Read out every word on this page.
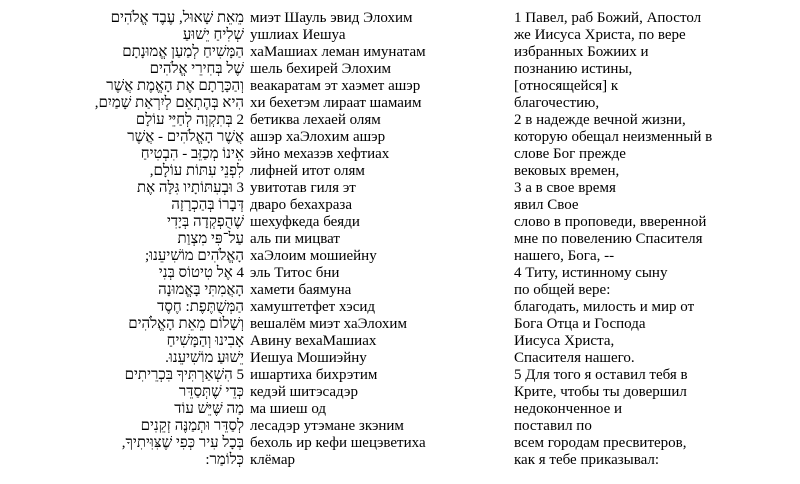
מֵאֵת שָׁאוּל, עֶבֶד אֱלֹהִים миэт Шауль эвид Элохим	1 Павел, раб Божий, Апостол
שְׁלִיחַ יֵשׁוּעַ ушлиах Иешуа	же Иисуса Христа, по вере
הַמָּשִׁיחַ לְמַעַן אֱמוּנָתָם хаМашиах леман имунатам	избранных Божиих и
שֶׁל בְּחִירֵי אֱלֹהִים шель бехирей Элохим	познанию истины,
וְהַכָּרָתָם אֶת הָאֱמֶת אֲשֶׁר веакаратам эт хаэмет ашэр	[относящейся] к
הִיא בְּהֶתְאֵם לְיִרְאַת שָׁמַיִם, хи бехетэм лираат шамаим	благочестию,
2 בְּתִקְוָה לְחַיֵּי עוֹלָם бетиква лехаей олям	2 в надежде вечной жизни,
אֲשֶׁר הָאֱלֹהִים - אֲשֶׁר ашэр хаЭлохим ашэр	которую обещал неизменный в
אֵינוֹ מְכַזֵּב - הִבְטִיחַ эйно мехазэв хефтиах	слове Бог прежде
לִפְנֵי עִתּוֹת עוֹלָם, лифней итот олям	вековых времен,
3 וּבְעִתּוֹתָיו גִּלָּה אֶת увитотав гиля эт	3 а в свое время
דְּבָרוֹ בְּהַכְרָזָה дваро бехахраза	явил Свое
שֶׁהֻפְקְדָה בְּיָדִי шехуфкеда беяди	слово в проповеди, вверенной
עַל־פִּי מִצְוַת аль пи мицват	мне по повелению Спасителя
הָאֱלֹהִים מוֹשִׁיעֵנוּ; хаЭлоим мошиейну	нашего, Бога, --
4 אֶל טִיטוֹס בְּנִי эль Титос бни	4 Титу, истинному сыну
הָאֲמִתִּי בָּאֱמוּנָה хамети баямуна	по общей вере:
הַמְּשֻׁתֶּפֶת: חֶסֶד хамуштетфет хэсид	благодать, милость и мир от
וְשָׁלוֹם מֵאֵת הָאֱלֹהִים вешалём миэт хаЭлохим	Бога Отца и Господа
אָבִינוּ וְהַמָּשִׁיחַ Авину вехаМашиах	Иисуса Христа,
יֵשׁוּעַ מוֹשִׁיעֵנוּ. Иешуа Мошиэйну	Спасителя нашего.
5 הִשְׁאַרְתִּיךָ בִּכְרֵיתִים ишартиха бихрэтим	5 Для того я оставил тебя в
כְּדֵי שֶׁתְּסַדֵּר кедэй шитэсадэр	Крите, чтобы ты довершил
מַה שֶּׁיֵּשׁ עוֹד ма шиеш од	недоконченное и
לְסַדֵּר וּתְמַנֶּה זְקֵנִים лесадэр утэмане зкэним	поставил по
בְּכָל עִיר כְּפִי שֶׁצִּוִּיתִיךָ, бехоль ир кефи шецэветиха	всем городам пресвитеров,
כְּלוֹמַר: клёмар	как я тебе приказывал:
